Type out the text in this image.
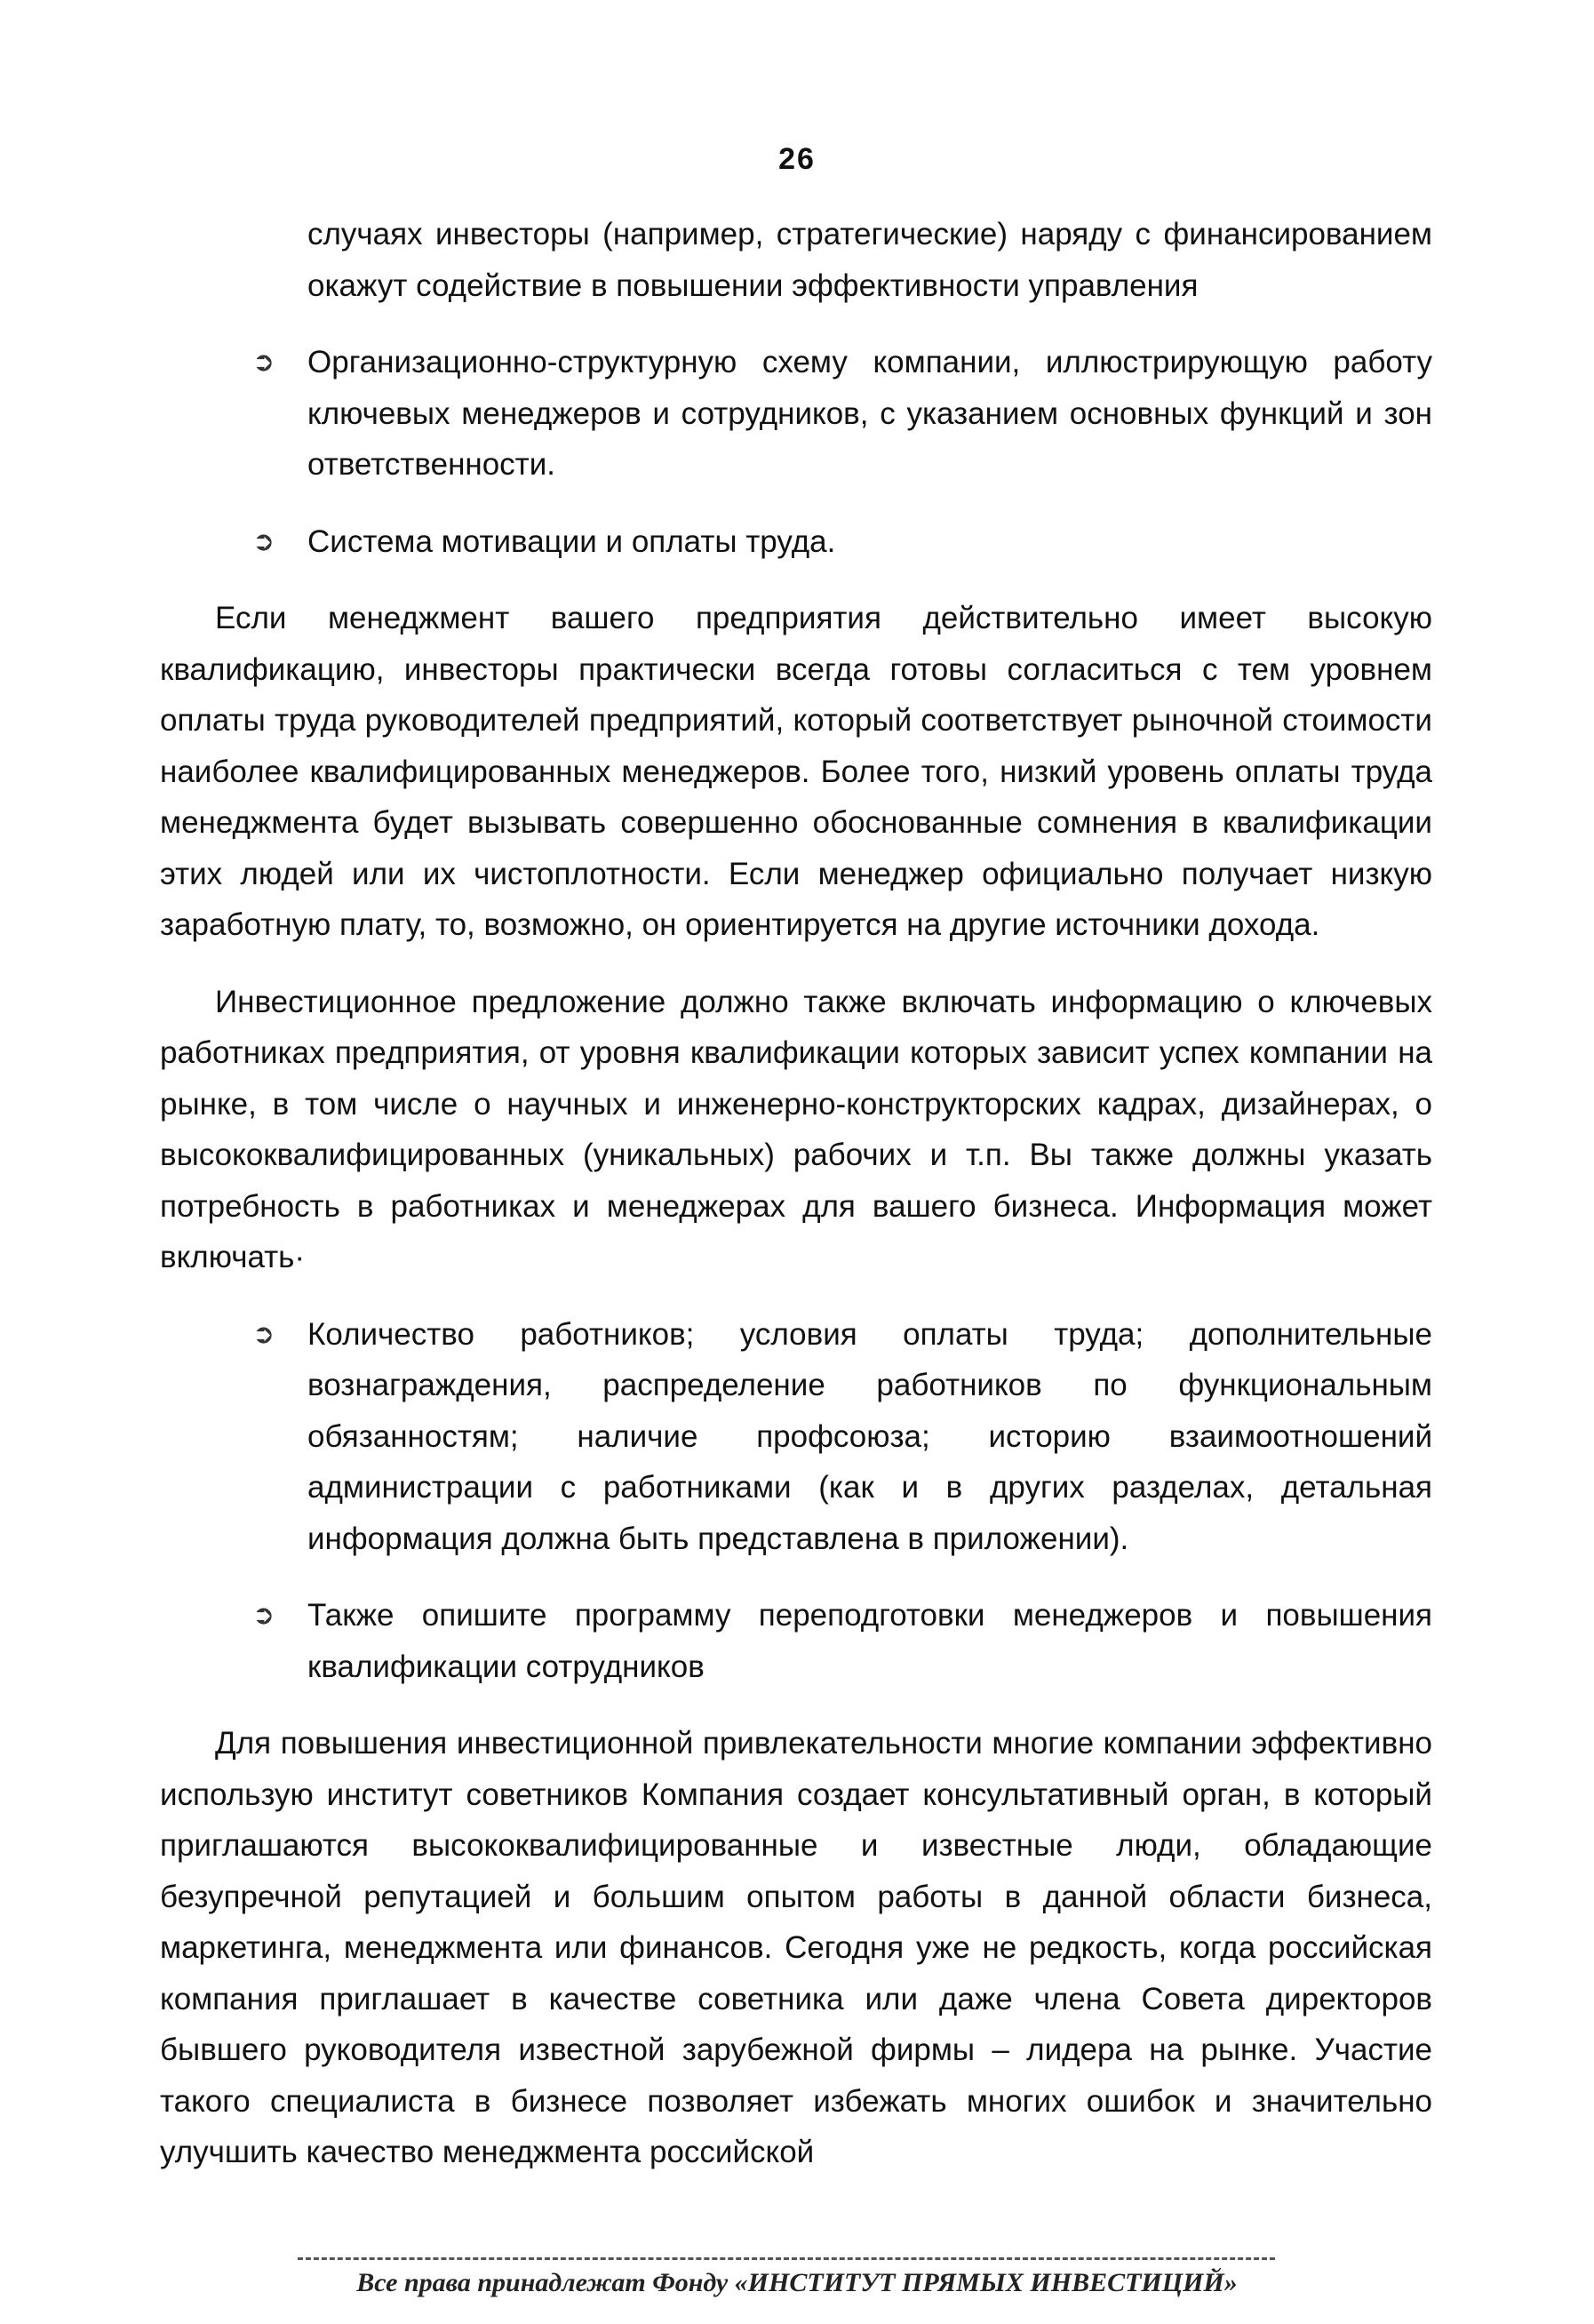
26

случаях инвесторы (например, стратегические) наряду с финансированием окажут содействие в повышении эффективности управления

➲ Организационно-структурную схему компании, иллюстрирующую работу ключевых менеджеров и сотрудников, с указанием основных функций и зон ответственности.
➲ Система мотивации и оплаты труда.

Если менеджмент вашего предприятия действительно имеет высокую квалификацию, инвесторы практически всегда готовы согласиться с тем уровнем оплаты труда руководителей предприятий, который соответствует рыночной стоимости наиболее квалифицированных менеджеров. Более того, низкий уровень оплаты труда менеджмента будет вызывать совершенно обоснованные сомнения в квалификации этих людей или их чистоплотности. Если менеджер официально получает низкую заработную плату, то, возможно, он ориентируется на другие источники дохода.

Инвестиционное предложение должно также включать информацию о ключевых работниках предприятия, от уровня квалификации которых зависит успех компании на рынке, в том числе о научных и инженерно-конструкторских кадрах, дизайнерах, о высококвалифицированных (уникальных) рабочих и т.п. Вы также должны указать потребность в работниках и менеджерах для вашего бизнеса. Информация может включать·

➲ Количество работников; условия оплаты труда; дополнительные вознаграждения, распределение работников по функциональным обязанностям; наличие профсоюза; историю взаимоотношений администрации с работниками (как и в других разделах, детальная информация должна быть представлена в приложении).
➲ Также опишите программу переподготовки менеджеров и повышения квалификации сотрудников

Для повышения инвестиционной привлекательности многие компании эффективно использую институт советников Компания создает консультативный орган, в который приглашаются высококвалифицированные и известные люди, обладающие безупречной репутацией и большим опытом работы в данной области бизнеса, маркетинга, менеджмента или финансов. Сегодня уже не редкость, когда российская компания приглашает в качестве советника или даже члена Совета директоров бывшего руководителя известной зарубежной фирмы – лидера на рынке. Участие такого специалиста в бизнесе позволяет избежать многих ошибок и значительно улучшить качество менеджмента российской

Все права принадлежат Фонду «ИНСТИТУТ ПРЯМЫХ ИНВЕСТИЦИЙ»
